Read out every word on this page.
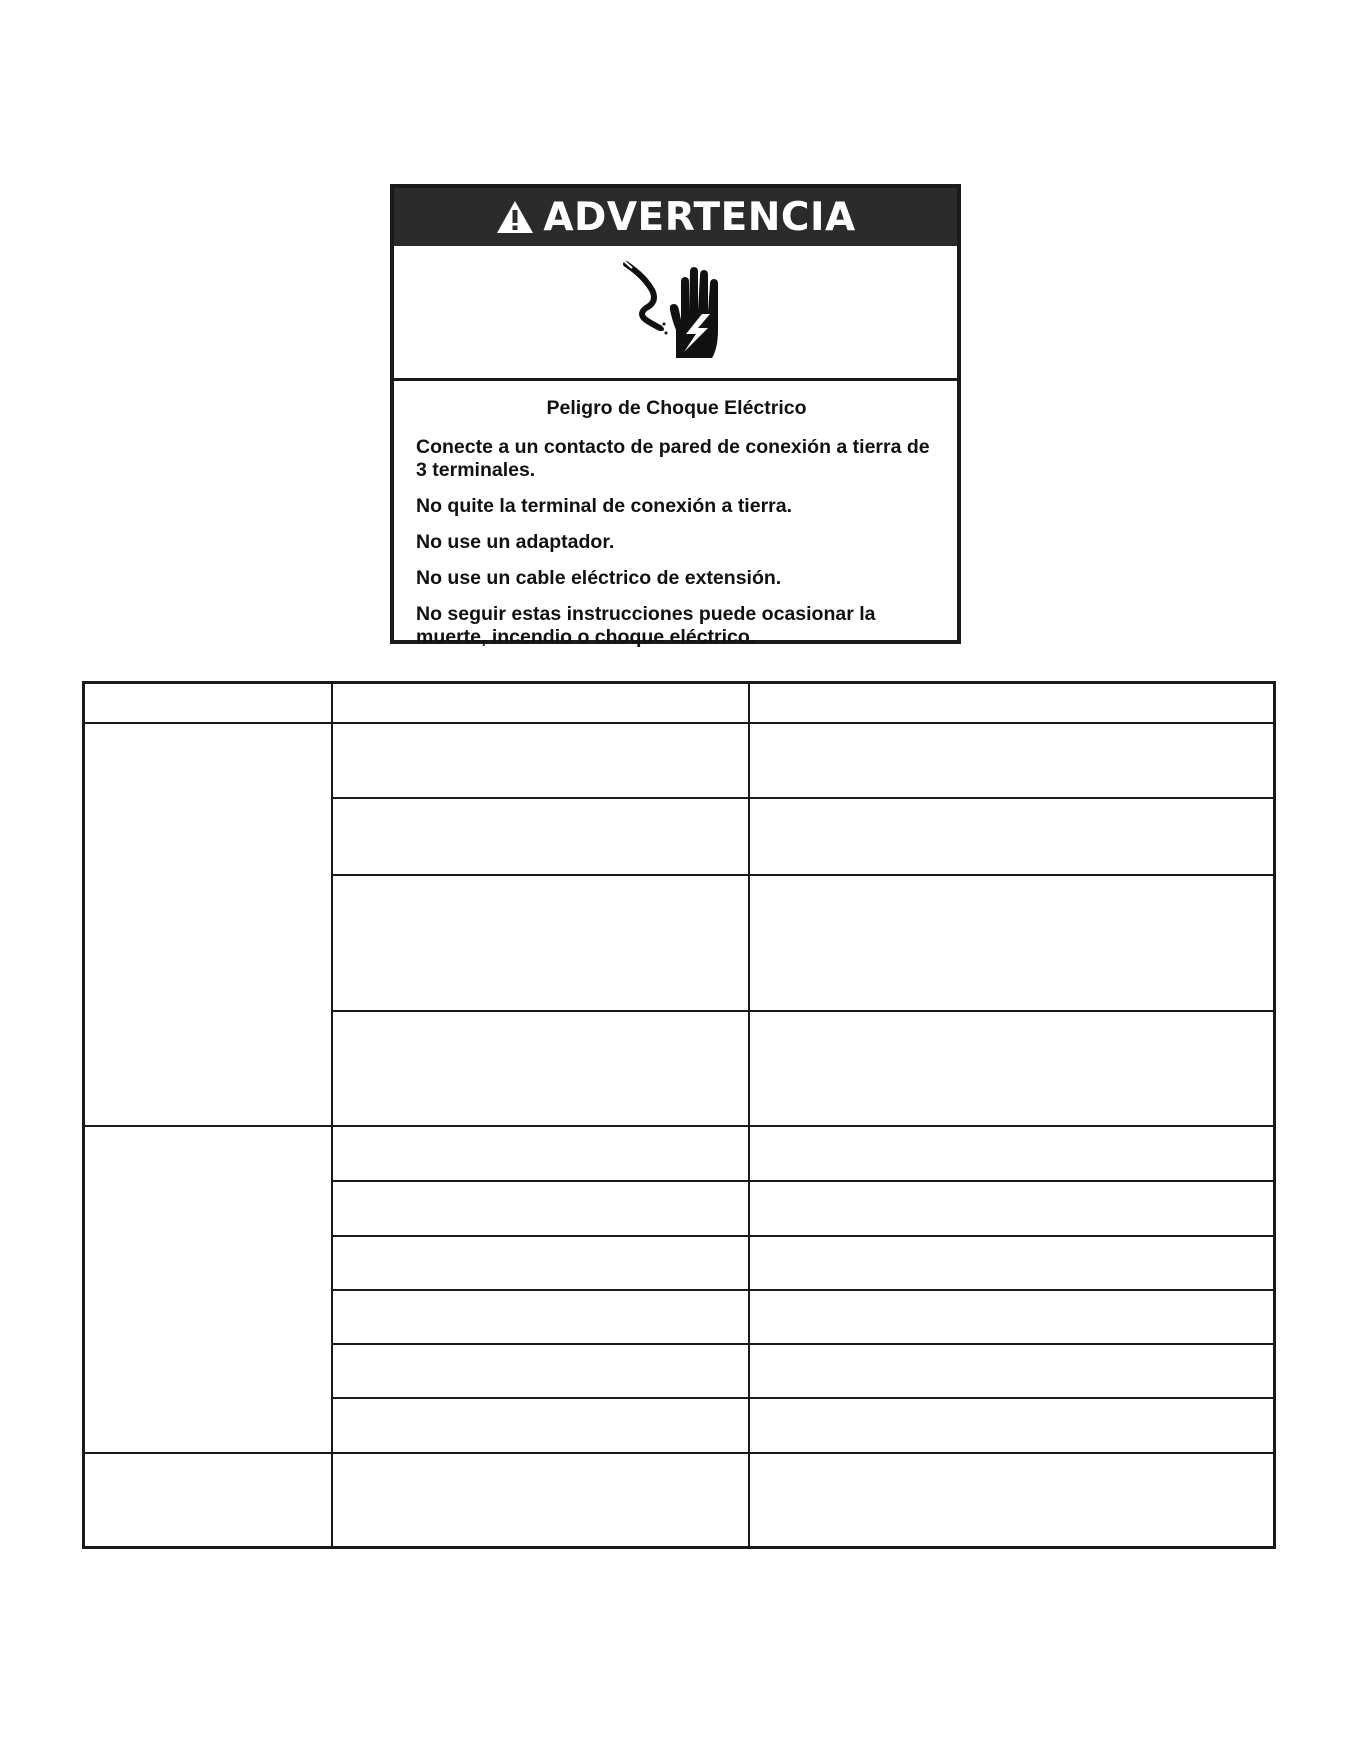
ADVERTENCIA
Peligro de Choque Eléctrico

Conecte a un contacto de pared de conexión a tierra de 3 terminales.

No quite la terminal de conexión a tierra.

No use un adaptador.

No use un cable eléctrico de extensión.

No seguir estas instrucciones puede ocasionar la muerte, incendio o choque eléctrico.
